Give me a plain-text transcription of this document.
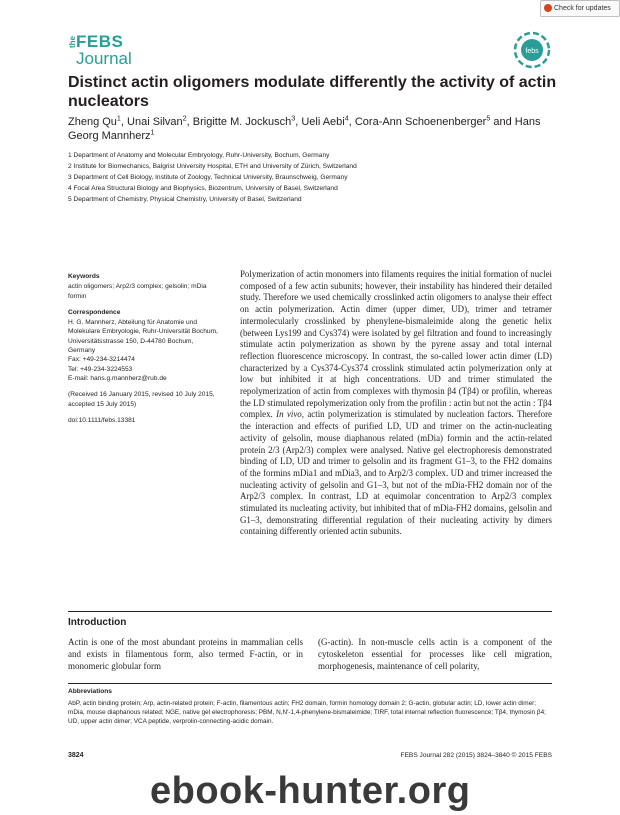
Check for updates
the FEBS
Journal	febs
Distinct actin oligomers modulate differently the activity of actin nucleators
Zheng Qu$^1$, Unai Silvan$^2$, Brigitte M. Jockusch$^3$, Ueli Aebi$^4$, Cora-Ann Schoenenberger$^5$ and Hans Georg Mannherz$^1$
1 Department of Anatomy and Molecular Embryology, Ruhr-University, Bochum, Germany
2 Institute for Biomechanics, Balgrist University Hospital, ETH and University of Zürich, Switzerland
3 Department of Cell Biology, Institute of Zoology, Technical University, Braunschweig, Germany
4 Focal Area Structural Biology and Biophysics, Biozentrum, University of Basel, Switzerland
5 Department of Chemistry, Physical Chemistry, University of Basel, Switzerland
Keywords
actin oligomers; Arp2/3 complex; gelsolin; mDia formin
Correspondence
H. G. Mannherz, Abteilung für Anatomie und Molekulare Embryologie, Ruhr-Universität Bochum, Universitätsstrasse 150, D-44780 Bochum, Germany
Fax: +49-234-3214474
Tel: +49-234-3224553
E-mail: hans.g.mannherz@rub.de
(Received 16 January 2015, revised 10 July 2015, accepted 15 July 2015)
doi:10.1111/febs.13381
Polymerization of actin monomers into filaments requires the initial formation of nuclei composed of a few actin subunits; however, their instability has hindered their detailed study. Therefore we used chemically crosslinked actin oligomers to analyse their effect on actin polymerization. Actin dimer (upper dimer, UD), trimer and tetramer intermolecularly crosslinked by phenylene-bismaleimide along the genetic helix (between Lys199 and Cys374) were isolated by gel filtration and found to increasingly stimulate actin polymerization as shown by the pyrene assay and total internal reflection fluorescence microscopy. In contrast, the so-called lower actin dimer (LD) characterized by a Cys374-Cys374 crosslink stimulated actin polymerization only at low but inhibited it at high concentrations. UD and trimer stimulated the repolymerization of actin from complexes with thymosin β4 (Tβ4) or profilin, whereas the LD stimulated repolymerization only from the profilin : actin but not the actin : Tβ4 complex. In vivo, actin polymerization is stimulated by nucleation factors. Therefore the interaction and effects of purified LD, UD and trimer on the actin-nucleating activity of gelsolin, mouse diaphanous related (mDia) formin and the actin-related protein 2/3 (Arp2/3) complex were analysed. Native gel electrophoresis demonstrated binding of LD, UD and trimer to gelsolin and its fragment G1–3, to the FH2 domains of the formins mDia1 and mDia3, and to Arp2/3 complex. UD and trimer increased the nucleating activity of gelsolin and G1–3, but not of the mDia-FH2 domain nor of the Arp2/3 complex. In contrast, LD at equimolar concentration to Arp2/3 complex stimulated its nucleating activity, but inhibited that of mDia-FH2 domains, gelsolin and G1–3, demonstrating differential regulation of their nucleating activity by dimers containing differently oriented actin subunits.
Introduction
Actin is one of the most abundant proteins in mammalian cells and exists in filamentous form, also termed F-actin, or in monomeric globular form
(G-actin). In non-muscle cells actin is a component of the cytoskeleton essential for processes like cell migration, morphogenesis, maintenance of cell polarity,
Abbreviations
AbP, actin binding protein; Arp, actin-related protein; F-actin, filamentous actin; FH2 domain, formin homology domain 2; G-actin, globular actin; LD, lower actin dimer; mDia, mouse diaphanous related; NGE, native gel electrophoresis; PBM, N,N′-1,4-phenylene-bismaleimide; TIRF, total internal reflection fluorescence; Tβ4, thymosin β4; UD, upper actin dimer; VCA peptide, verprolin-connecting-acidic domain.
3824	FEBS Journal 282 (2015) 3824–3840 © 2015 FEBS
ebook-hunter.org
